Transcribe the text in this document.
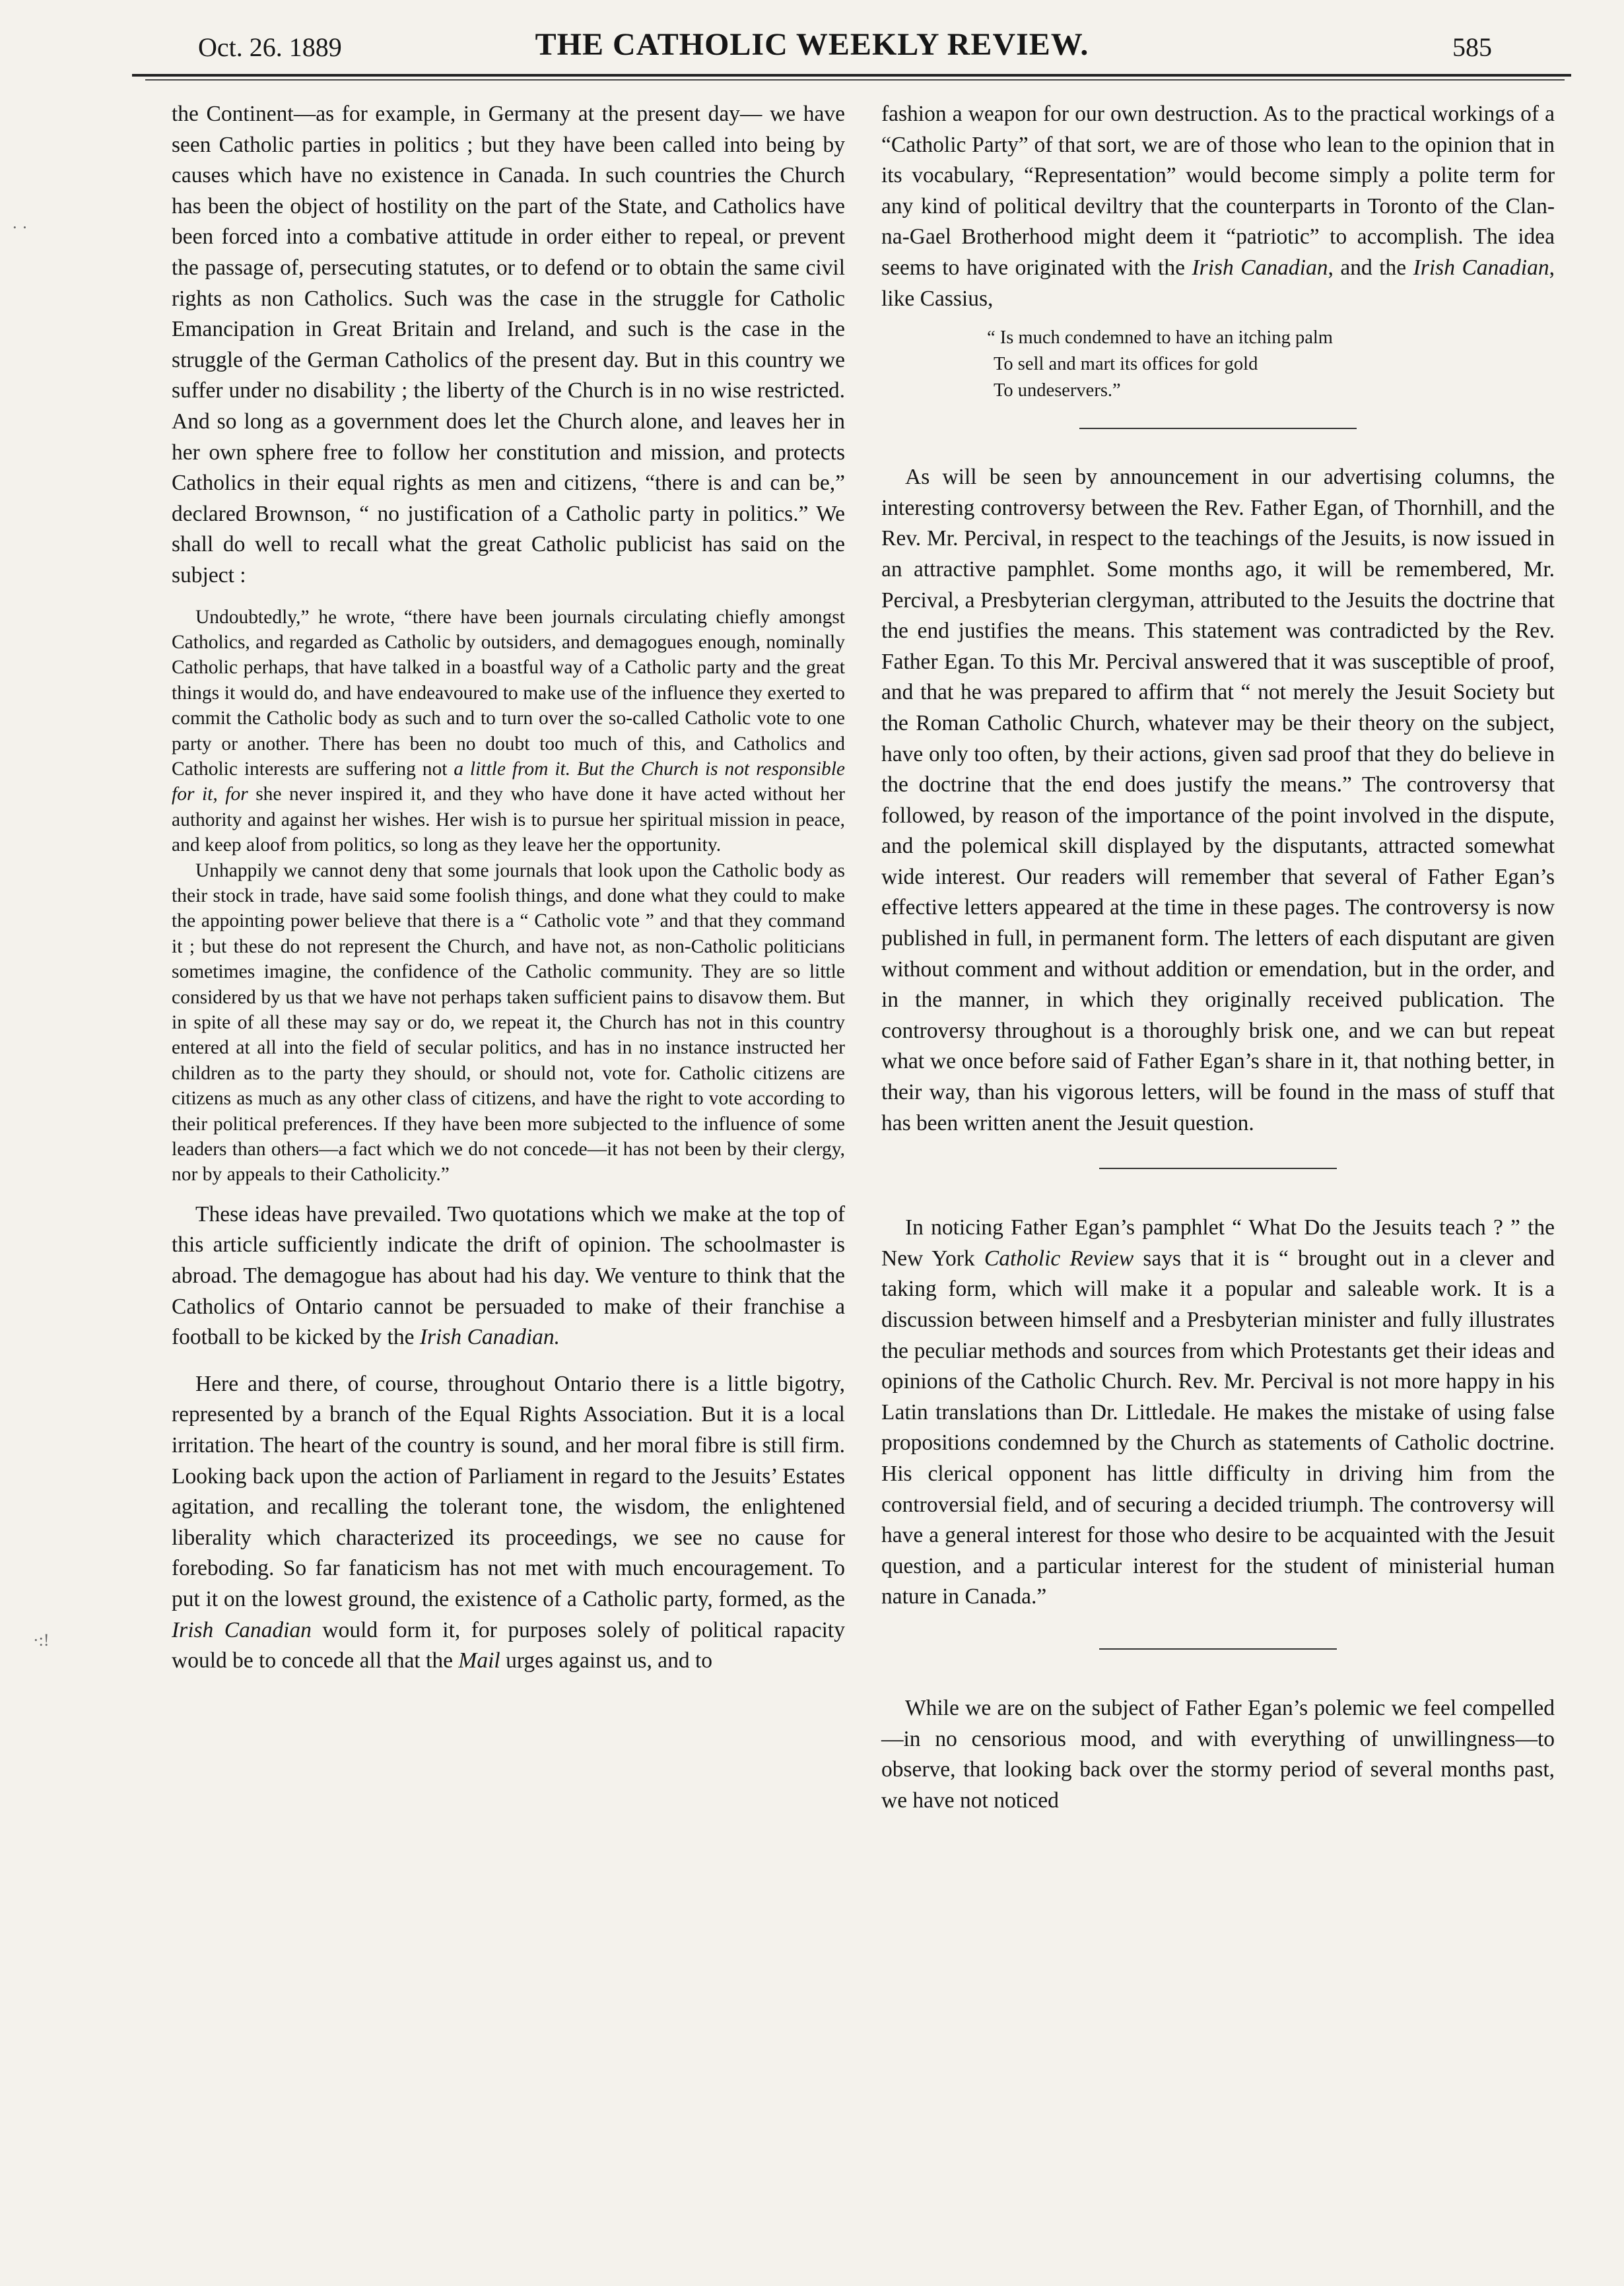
Oct. 26. 1889	THE CATHOLIC WEEKLY REVIEW.	585
· ·
·:!

the Continent—as for example, in Germany at the present day— we have seen Catholic parties in politics ; but they have been called into being by causes which have no existence in Canada. In such countries the Church has been the object of hostility on the part of the State, and Catholics have been forced into a combative attitude in order either to repeal, or prevent the passage of, persecuting statutes, or to defend or to obtain the same civil rights as non Catholics. Such was the case in the struggle for Catholic Emancipation in Great Britain and Ireland, and such is the case in the struggle of the German Catholics of the present day. But in this country we suffer under no disability ; the liberty of the Church is in no wise restricted. And so long as a government does let the Church alone, and leaves her in her own sphere free to follow her constitution and mission, and protects Catholics in their equal rights as men and citizens, “there is and can be,” declared Brownson, “ no justification of a Catholic party in politics.” We shall do well to recall what the great Catholic publicist has said on the subject :

Undoubtedly,” he wrote, “there have been journals circulating chiefly amongst Catholics, and regarded as Catholic by outsiders, and demagogues enough, nominally Catholic perhaps, that have talked in a boastful way of a Catholic party and the great things it would do, and have endeavoured to make use of the influence they exerted to commit the Catholic body as such and to turn over the so-called Catholic vote to one party or another. There has been no doubt too much of this, and Catholics and Catholic interests are suffering not a little from it. But the Church is not responsible for it, for she never inspired it, and they who have done it have acted without her authority and against her wishes. Her wish is to pursue her spiritual mission in peace, and keep aloof from politics, so long as they leave her the opportunity.

Unhappily we cannot deny that some journals that look upon the Catholic body as their stock in trade, have said some foolish things, and done what they could to make the appointing power believe that there is a “ Catholic vote ” and that they command it ; but these do not represent the Church, and have not, as non-Catholic politicians sometimes imagine, the confidence of the Catholic community. They are so little considered by us that we have not perhaps taken sufficient pains to disavow them. But in spite of all these may say or do, we repeat it, the Church has not in this country entered at all into the field of secular politics, and has in no instance instructed her children as to the party they should, or should not, vote for. Catholic citizens are citizens as much as any other class of citizens, and have the right to vote according to their political preferences. If they have been more subjected to the influence of some leaders than others—a fact which we do not concede—it has not been by their clergy, nor by appeals to their Catholicity.”

These ideas have prevailed. Two quotations which we make at the top of this article sufficiently indicate the drift of opinion. The schoolmaster is abroad. The demagogue has about had his day. We venture to think that the Catholics of Ontario cannot be persuaded to make of their franchise a football to be kicked by the Irish Canadian.

Here and there, of course, throughout Ontario there is a little bigotry, represented by a branch of the Equal Rights Association. But it is a local irritation. The heart of the country is sound, and her moral fibre is still firm. Looking back upon the action of Parliament in regard to the Jesuits’ Estates agitation, and recalling the tolerant tone, the wisdom, the enlightened liberality which characterized its proceedings, we see no cause for foreboding. So far fanaticism has not met with much encouragement. To put it on the lowest ground, the existence of a Catholic party, formed, as the Irish Canadian would form it, for purposes solely of political rapacity would be to concede all that the Mail urges against us, and to

fashion a weapon for our own destruction. As to the practical workings of a “Catholic Party” of that sort, we are of those who lean to the opinion that in its vocabulary, “Representation” would become simply a polite term for any kind of political deviltry that the counterparts in Toronto of the Clan-na-Gael Brotherhood might deem it “patriotic” to accomplish. The idea seems to have originated with the Irish Canadian, and the Irish Canadian, like Cassius,

“ Is much condemned to have an itching palm
To sell and mart its offices for gold
To undeservers.”

As will be seen by announcement in our advertising columns, the interesting controversy between the Rev. Father Egan, of Thornhill, and the Rev. Mr. Percival, in respect to the teachings of the Jesuits, is now issued in an attractive pamphlet. Some months ago, it will be remembered, Mr. Percival, a Presbyterian clergyman, attributed to the Jesuits the doctrine that the end justifies the means. This statement was contradicted by the Rev. Father Egan. To this Mr. Percival answered that it was susceptible of proof, and that he was prepared to affirm that “ not merely the Jesuit Society but the Roman Catholic Church, whatever may be their theory on the subject, have only too often, by their actions, given sad proof that they do believe in the doctrine that the end does justify the means.” The controversy that followed, by reason of the importance of the point involved in the dispute, and the polemical skill displayed by the disputants, attracted somewhat wide interest. Our readers will remember that several of Father Egan’s effective letters appeared at the time in these pages. The controversy is now published in full, in permanent form. The letters of each disputant are given without comment and without addition or emendation, but in the order, and in the manner, in which they originally received publication. The controversy throughout is a thoroughly brisk one, and we can but repeat what we once before said of Father Egan’s share in it, that nothing better, in their way, than his vigorous letters, will be found in the mass of stuff that has been written anent the Jesuit question.

In noticing Father Egan’s pamphlet “ What Do the Jesuits teach ? ” the New York Catholic Review says that it is “ brought out in a clever and taking form, which will make it a popular and saleable work. It is a discussion between himself and a Presbyterian minister and fully illustrates the peculiar methods and sources from which Protestants get their ideas and opinions of the Catholic Church. Rev. Mr. Percival is not more happy in his Latin translations than Dr. Littledale. He makes the mistake of using false propositions condemned by the Church as statements of Catholic doctrine. His clerical opponent has little difficulty in driving him from the controversial field, and of securing a decided triumph. The controversy will have a general interest for those who desire to be acquainted with the Jesuit question, and a particular interest for the student of ministerial human nature in Canada.”

While we are on the subject of Father Egan’s polemic we feel compelled—in no censorious mood, and with everything of unwillingness—to observe, that looking back over the stormy period of several months past, we have not noticed
